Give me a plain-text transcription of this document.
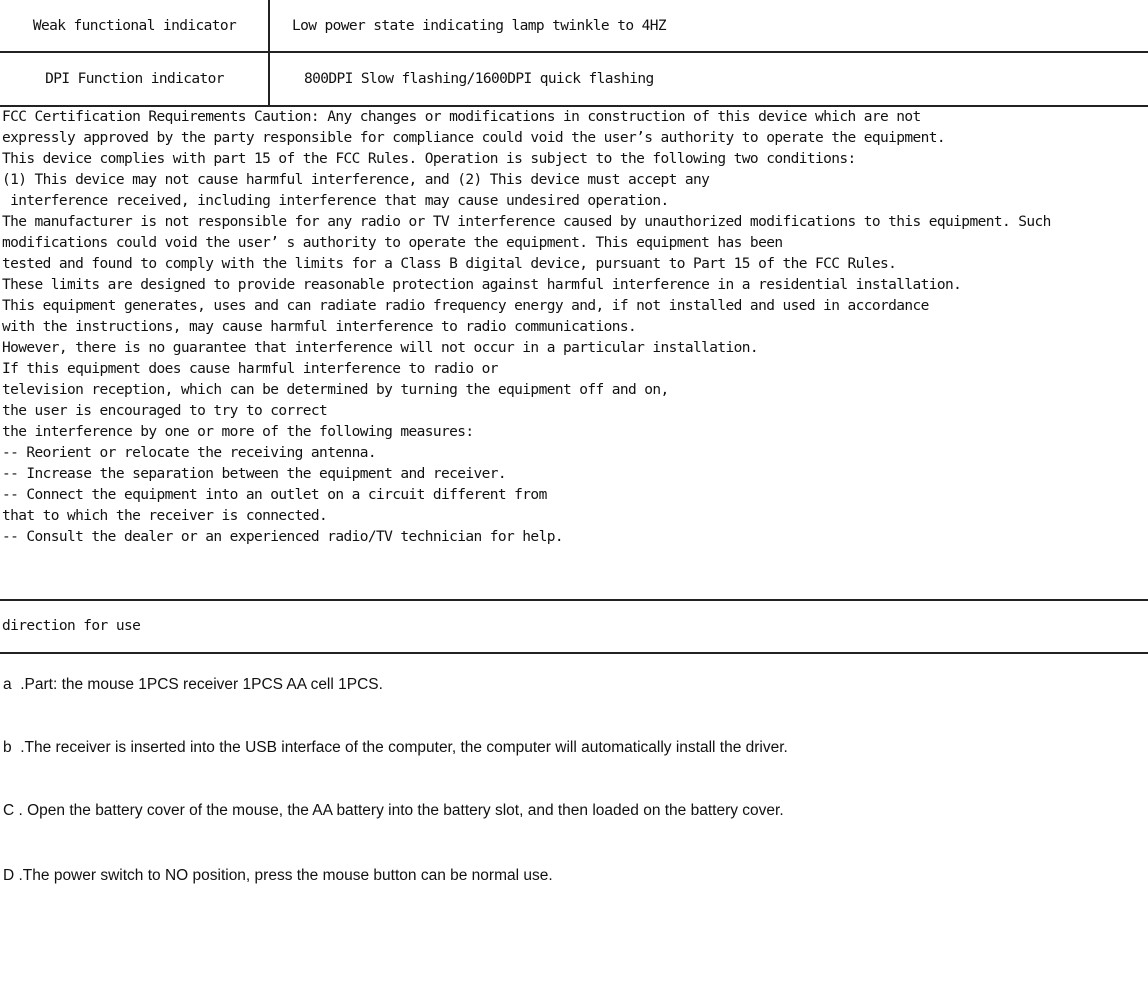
Weak functional indicator	Low power state indicating lamp twinkle to 4HZ
DPI Function indicator	800DPI Slow flashing/1600DPI quick flashing
FCC Certification Requirements Caution: Any changes or modifications in construction of this device which are not
expressly approved by the party responsible for compliance could void the user’s authority to operate the equipment.
This device complies with part 15 of the FCC Rules. Operation is subject to the following two conditions:
(1) This device may not cause harmful interference, and (2) This device must accept any
interference received, including interference that may cause undesired operation.
The manufacturer is not responsible for any radio or TV interference caused by unauthorized modifications to this equipment. Such
modifications could void the user’ s authority to operate the equipment. This equipment has been
tested and found to comply with the limits for a Class B digital device, pursuant to Part 15 of the FCC Rules.
These limits are designed to provide reasonable protection against harmful interference in a residential installation.
This equipment generates, uses and can radiate radio frequency energy and, if not installed and used in accordance
with the instructions, may cause harmful interference to radio communications.
However, there is no guarantee that interference will not occur in a particular installation.
If this equipment does cause harmful interference to radio or
television reception, which can be determined by turning the equipment off and on,
the user is encouraged to try to correct
the interference by one or more of the following measures:
-- Reorient or relocate the receiving antenna.
-- Increase the separation between the equipment and receiver.
-- Connect the equipment into an outlet on a circuit different from
that to which the receiver is connected.
-- Consult the dealer or an experienced radio/TV technician for help.
direction for use
a  .Part: the mouse 1PCS receiver 1PCS AA cell 1PCS.
b  .The receiver is inserted into the USB interface of the computer, the computer will automatically install the driver.
C . Open the battery cover of the mouse, the AA battery into the battery slot, and then loaded on the battery cover.
D .The power switch to NO position, press the mouse button can be normal use.
